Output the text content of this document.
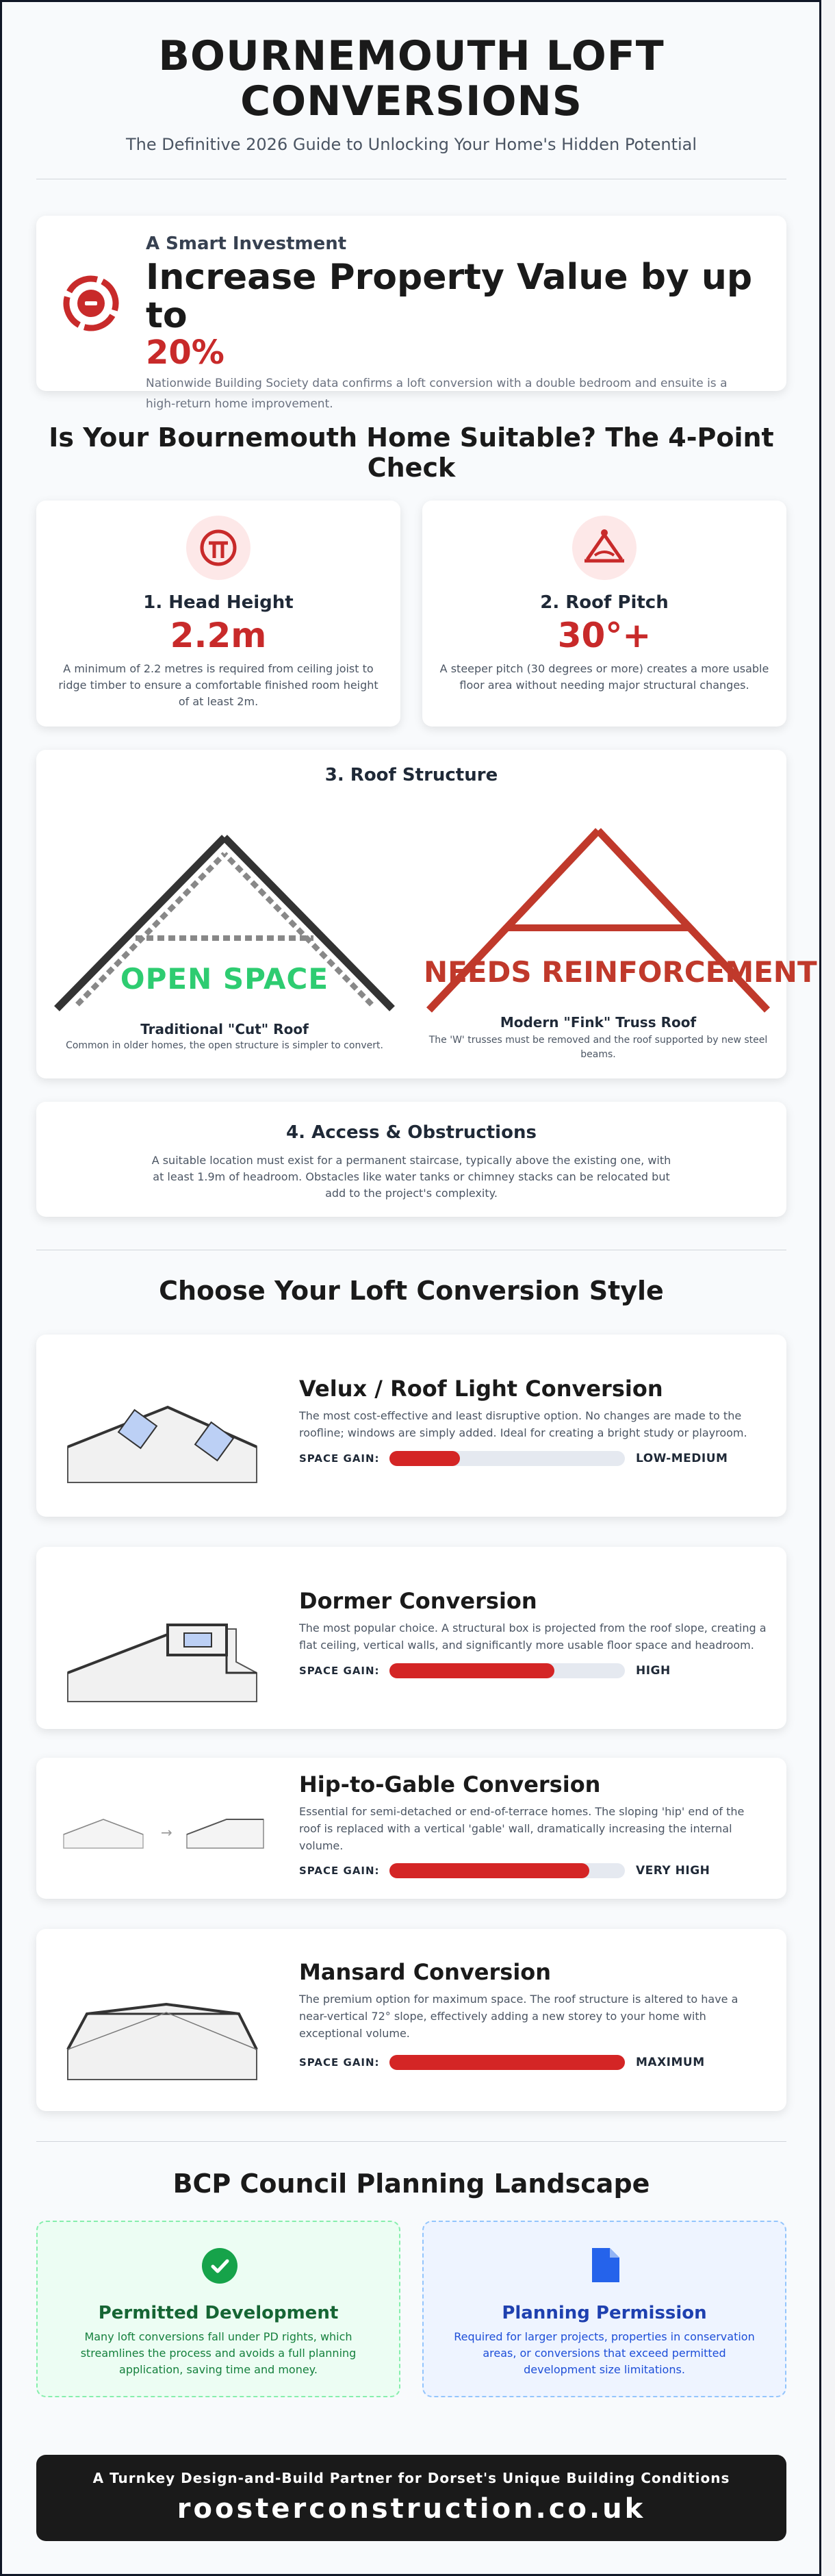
BOURNEMOUTH LOFT
CONVERSIONS
The Definitive 2026 Guide to Unlocking Your Home's Hidden Potential
A Smart Investment
Increase Property Value by up to
20%
Nationwide Building Society data confirms a loft conversion with a double bedroom and ensuite is a
high-return home improvement.
Is Your Bournemouth Home Suitable? The 4-Point
Check
1. Head Height
2.2m
A minimum of 2.2 metres is required from ceiling joist to
ridge timber to ensure a comfortable finished room height
of at least 2m.
2. Roof Pitch
30°+
A steeper pitch (30 degrees or more) creates a more usable
floor area without needing major structural changes.
3. Roof Structure
OPEN SPACE
Traditional "Cut" Roof
Common in older homes, the open structure is simpler to convert.
NEEDS REINFORCEMENT
Modern "Fink" Truss Roof
The 'W' trusses must be removed and the roof supported by new steel
beams.
4. Access & Obstructions
A suitable location must exist for a permanent staircase, typically above the existing one, with
at least 1.9m of headroom. Obstacles like water tanks or chimney stacks can be relocated but
add to the project's complexity.
Choose Your Loft Conversion Style
Velux / Roof Light Conversion
The most cost-effective and least disruptive option. No changes are made to the
roofline; windows are simply added. Ideal for creating a bright study or playroom.
SPACE GAIN:	LOW-MEDIUM
Dormer Conversion
The most popular choice. A structural box is projected from the roof slope, creating a
flat ceiling, vertical walls, and significantly more usable floor space and headroom.
SPACE GAIN:	HIGH
→
Hip-to-Gable Conversion
Essential for semi-detached or end-of-terrace homes. The sloping 'hip' end of the
roof is replaced with a vertical 'gable' wall, dramatically increasing the internal
volume.
SPACE GAIN:	VERY HIGH
Mansard Conversion
The premium option for maximum space. The roof structure is altered to have a
near-vertical 72° slope, effectively adding a new storey to your home with
exceptional volume.
SPACE GAIN:	MAXIMUM
BCP Council Planning Landscape
Permitted Development
Many loft conversions fall under PD rights, which
streamlines the process and avoids a full planning
application, saving time and money.
Planning Permission
Required for larger projects, properties in conservation
areas, or conversions that exceed permitted
development size limitations.
A Turnkey Design-and-Build Partner for Dorset's Unique Building Conditions
roosterconstruction.co.uk
